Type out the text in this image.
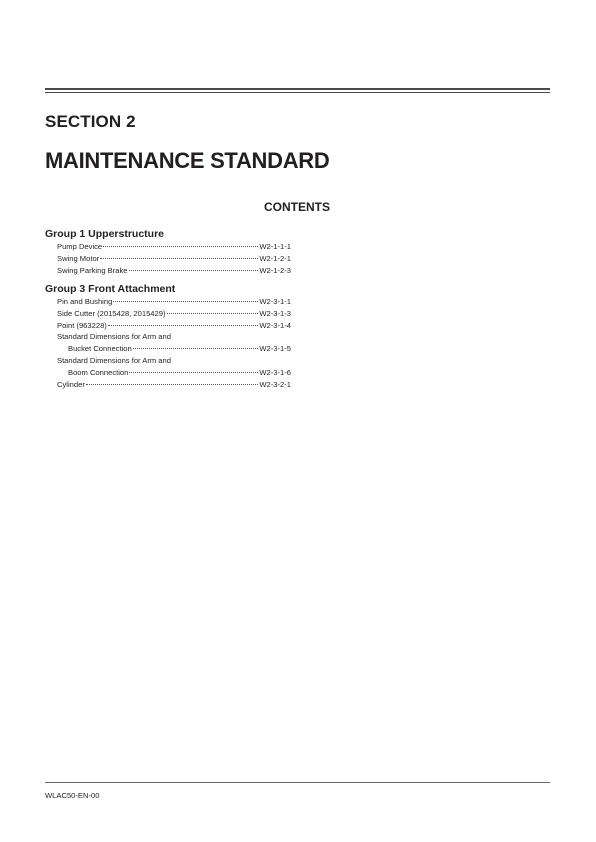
SECTION 2
MAINTENANCE STANDARD
CONTENTS
Group 1 Upperstructure
Pump Device	W2-1-1-1
Swing Motor	W2-1-2-1
Swing Parking Brake	W2-1-2-3
Group 3 Front Attachment
Pin and Bushing	W2-3-1-1
Side Cutter (2015428, 2015429)	W2-3-1-3
Point (963228)	W2-3-1-4
Standard Dimensions for Arm and
Bucket Connection	W2-3-1-5
Standard Dimensions for Arm and
Boom Connection	W2-3-1-6
Cylinder	W2-3-2-1
WLAC50-EN-00
